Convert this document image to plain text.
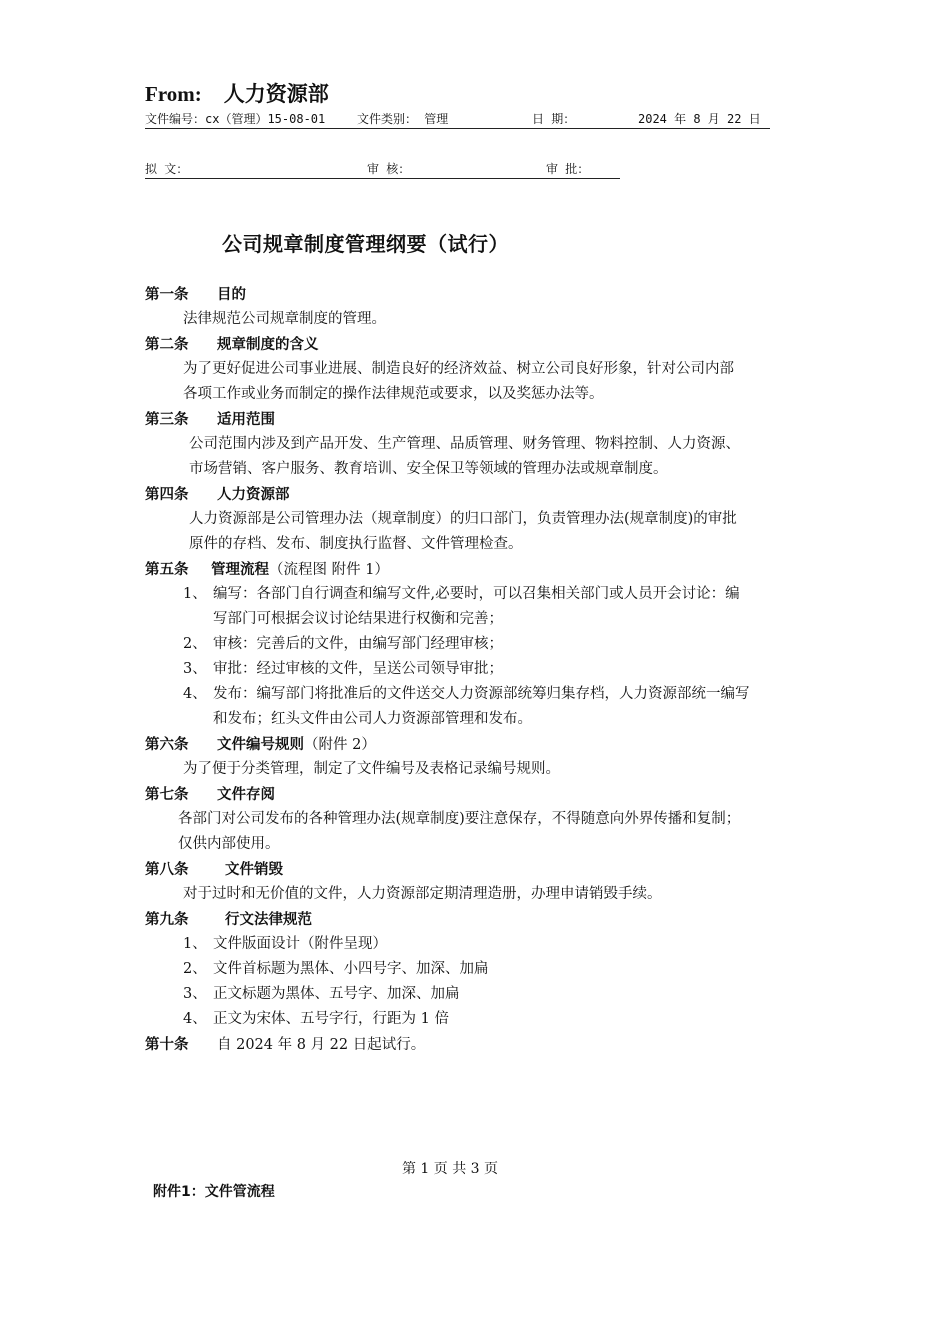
From: 人力资源部
文件编号：cx（管理）15-08-01	文件类别： 管理	日 期：	2024 年 8 月 22 日
拟 文：	审 核：	审 批：
公司规章制度管理纲要（试行）
第一条 目的
法律规范公司规章制度的管理。
第二条 规章制度的含义
为了更好促进公司事业进展、制造良好的经济效益、树立公司良好形象，针对公司内部
各项工作或业务而制定的操作法律规范或要求，以及奖惩办法等。
第三条 适用范围
公司范围内涉及到产品开发、生产管理、品质管理、财务管理、物料控制、人力资源、
市场营销、客户服务、教育培训、安全保卫等领域的管理办法或规章制度。
第四条 人力资源部
人力资源部是公司管理办法（规章制度）的归口部门，负责管理办法(规章制度)的审批
原件的存档、发布、制度执行监督、文件管理检查。
第五条 管理流程（流程图 附件 1）
1、 编写：各部门自行调查和编写文件,必要时，可以召集相关部门或人员开会讨论：编
写部门可根据会议讨论结果进行权衡和完善；
2、 审核：完善后的文件，由编写部门经理审核；
3、 审批：经过审核的文件，呈送公司领导审批；
4、 发布：编写部门将批准后的文件送交人力资源部统筹归集存档，人力资源部统一编写
和发布；红头文件由公司人力资源部管理和发布。
第六条 文件编号规则（附件 2）
为了便于分类管理，制定了文件编号及表格记录编号规则。
第七条 文件存阅
各部门对公司发布的各种管理办法(规章制度)要注意保存，不得随意向外界传播和复制；
仅供内部使用。
第八条	文件销毁
对于过时和无价值的文件，人力资源部定期清理造册，办理申请销毁手续。
第九条	行文法律规范
1、 文件版面设计（附件呈现）
2、 文件首标题为黑体、小四号字、加深、加扁
3、 正文标题为黑体、五号字、加深、加扁
4、 正文为宋体、五号字行，行距为 1 倍
第十条 自 2024 年 8 月 22 日起试行。
第 1 页 共 3 页
附件1：文件管流程
